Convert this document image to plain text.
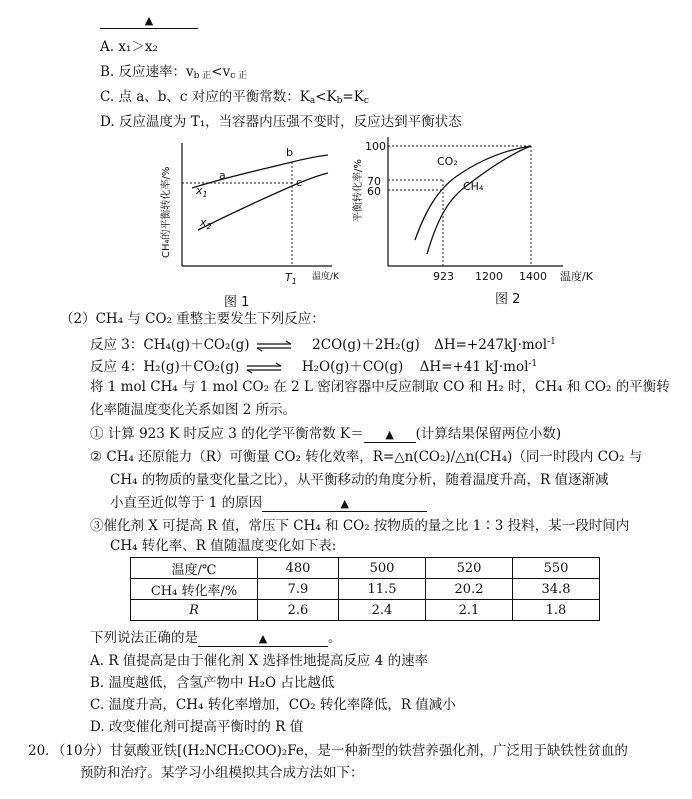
▲
A. x₁＞x₂
B. 反应速率：$v_{b 正}<v_{c 正}$
C. 点 a、b、c 对应的平衡常数：$K_a<K_b=K_c$
D. 反应温度为 T₁，当容器内压强不变时，反应达到平衡状态
CH₄的平衡转化率/%	a
b
c
$x_1$
$x_2$
$T_1$ 温度/K
图 1
平衡转化率/%
100
70
60
CO₂
CH₄
923 1200 1400 温度/K
图 2
（2）CH₄ 与 CO₂ 重整主要发生下列反应：
反应 3：CH₄(g)＋CO₂(g) ⇌ 2CO(g)＋2H₂(g) ΔH=+247kJ·mol$^{-1}$
反应 4：H₂(g)＋CO₂(g) ⇌ H₂O(g)＋CO(g) ΔH=+41 kJ·mol$^{-1}$
将 1 mol CH₄ 与 1 mol CO₂ 在 2 L 密闭容器中反应制取 CO 和 H₂ 时，CH₄ 和 CO₂ 的平衡转
化率随温度变化关系如图 2 所示。
① 计算 923 K 时反应 3 的化学平衡常数 K＝ ▲ (计算结果保留两位小数)
② CH₄ 还原能力（R）可衡量 CO₂ 转化效率，R=△n(CO₂)/△n(CH₄)（同一时段内 CO₂ 与
CH₄ 的物质的量变化量之比），从平衡移动的角度分析，随着温度升高，R 值逐渐减
小直至近似等于 1 的原因	▲
③催化剂 X 可提高 R 值，常压下 CH₄ 和 CO₂ 按物质的量之比 1∶3 投料，某一段时间内
CH₄ 转化率、R 值随温度变化如下表:
温度/℃	480	500	520	550
CH₄ 转化率/%	7.9	11.5	20.2	34.8
R	2.6	2.4	2.1	1.8
下列说法正确的是	▲	。
A. R 值提高是由于催化剂 X 选择性地提高反应 4 的速率
B. 温度越低，含氢产物中 H₂O 占比越低
C. 温度升高，CH₄ 转化率增加，CO₂ 转化率降低，R 值减小
D. 改变催化剂可提高平衡时的 R 值
20．（10分）甘氨酸亚铁[(H₂NCH₂COO)₂Fe，是一种新型的铁营养强化剂，广泛用于缺铁性贫血的
预防和治疗。某学习小组模拟其合成方法如下：
